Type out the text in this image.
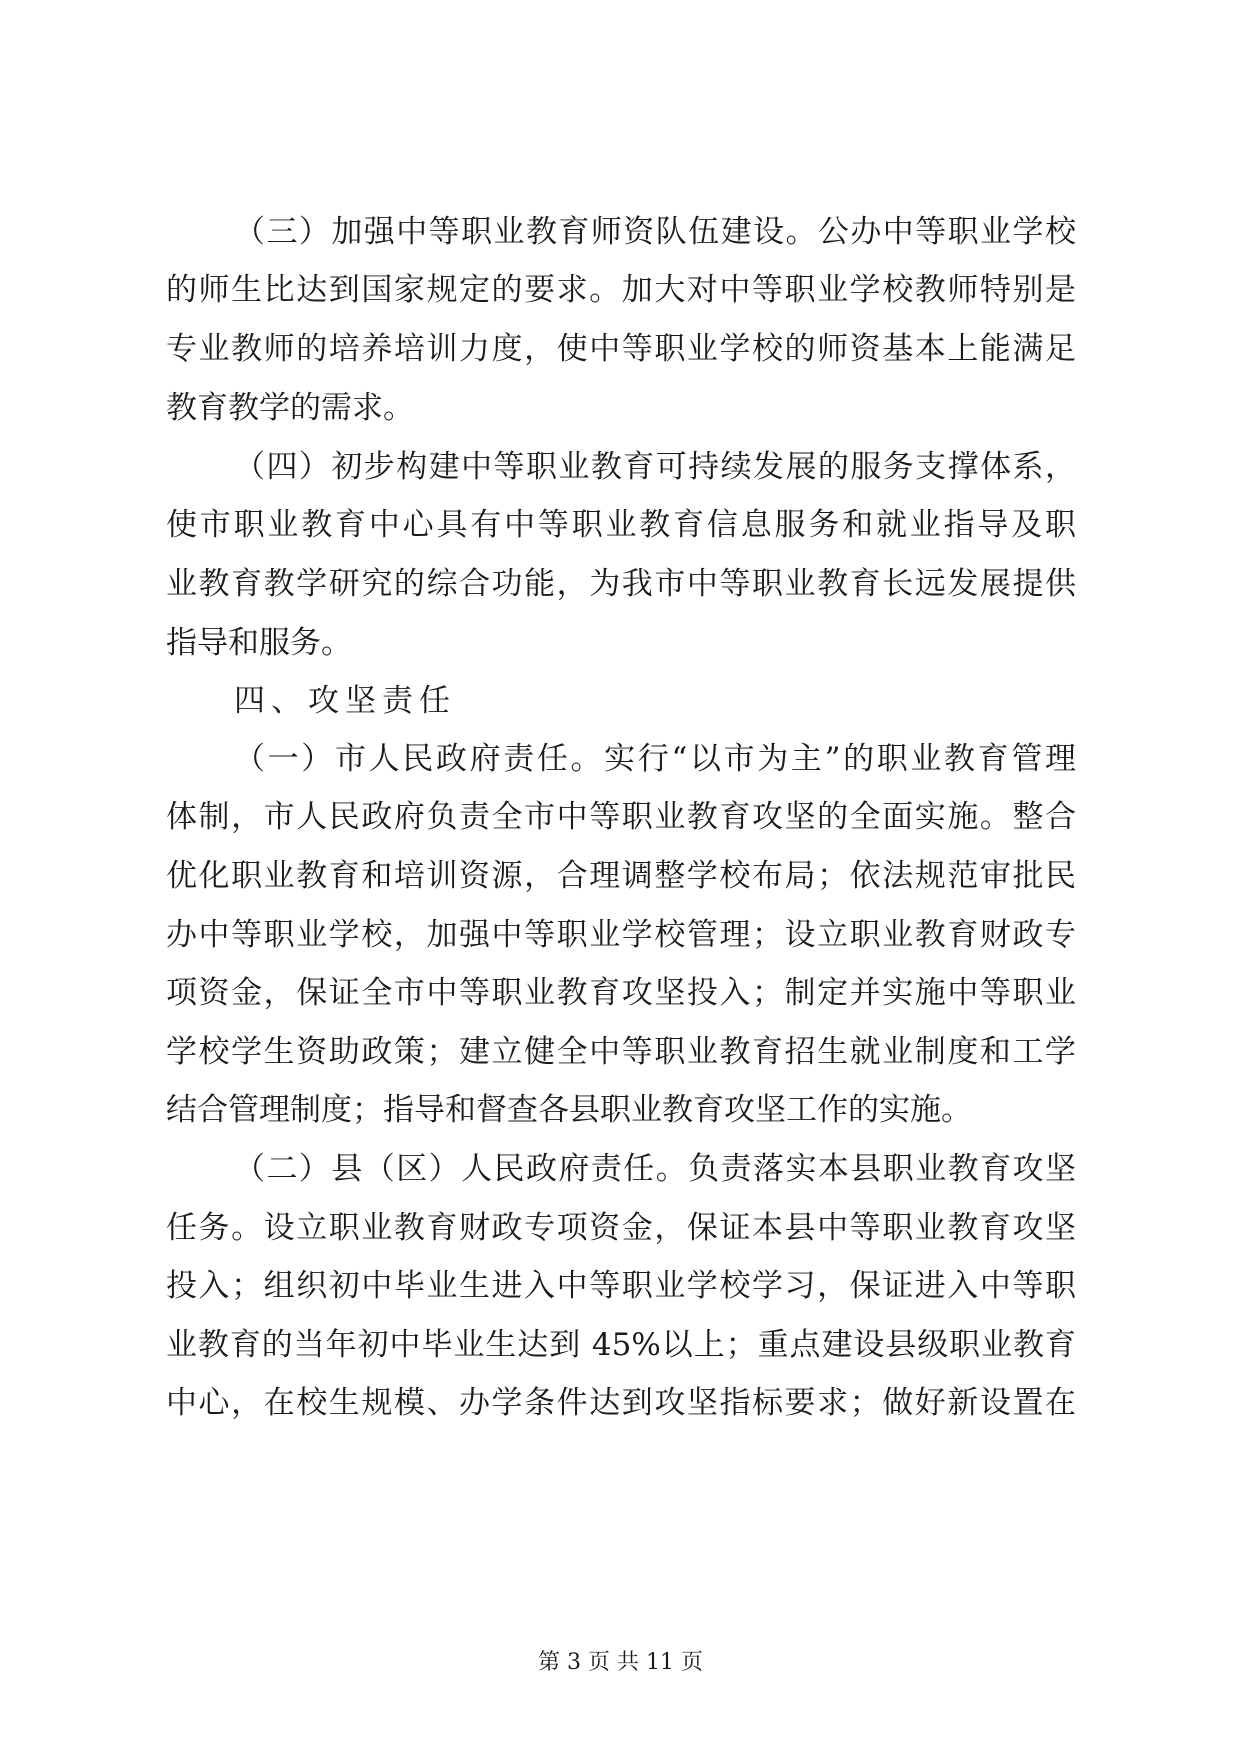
（三）加强中等职业教育师资队伍建设。公办中等职业学校
的师生比达到国家规定的要求。加大对中等职业学校教师特别是
专业教师的培养培训力度，使中等职业学校的师资基本上能满足
教育教学的需求。
（四）初步构建中等职业教育可持续发展的服务支撑体系，
使市职业教育中心具有中等职业教育信息服务和就业指导及职
业教育教学研究的综合功能，为我市中等职业教育长远发展提供
指导和服务。
四、攻坚责任
（一）市人民政府责任。实行“以市为主”的职业教育管理
体制，市人民政府负责全市中等职业教育攻坚的全面实施。整合
优化职业教育和培训资源，合理调整学校布局；依法规范审批民
办中等职业学校，加强中等职业学校管理；设立职业教育财政专
项资金，保证全市中等职业教育攻坚投入；制定并实施中等职业
学校学生资助政策；建立健全中等职业教育招生就业制度和工学
结合管理制度；指导和督查各县职业教育攻坚工作的实施。
（二）县（区）人民政府责任。负责落实本县职业教育攻坚
任务。设立职业教育财政专项资金，保证本县中等职业教育攻坚
投入；组织初中毕业生进入中等职业学校学习，保证进入中等职
业教育的当年初中毕业生达到 45%以上；重点建设县级职业教育
中心，在校生规模、办学条件达到攻坚指标要求；做好新设置在
第 3 页 共 11 页
